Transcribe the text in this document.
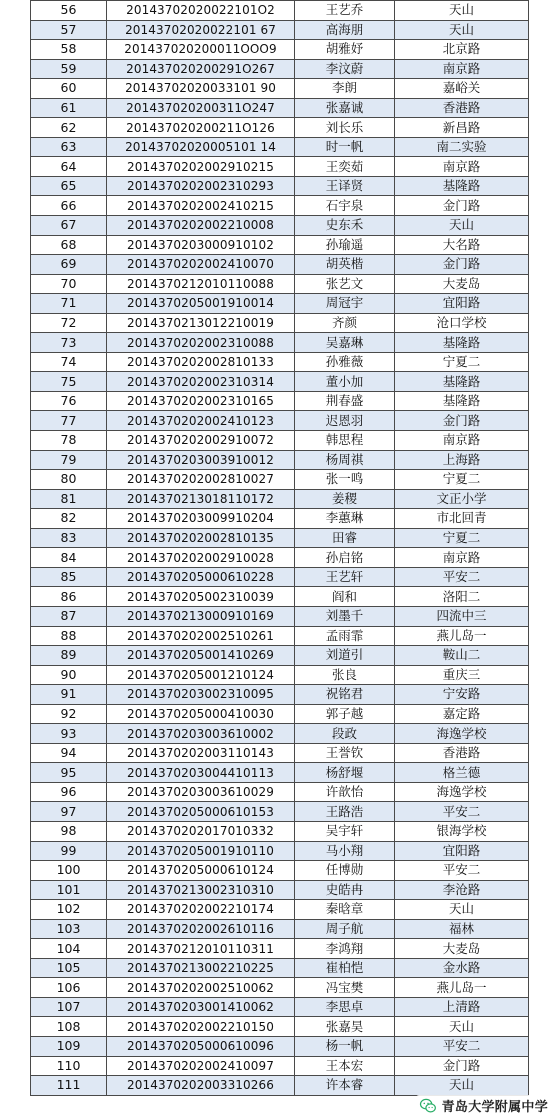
56	20143702020022101O2	王艺乔	天山
57	20143702020022101 67	高海朋	天山
58	201437020200011OOO9	胡雅妤	北京路
59	201437020200291O267	李汶蔚	南京路
60	20143702020033101 90	李朗	嘉峪关
61	201437020200311O247	张嘉诚	香港路
62	201437020200211O126	刘长乐	新昌路
63	20143702020005101 14	时一帆	南二实验
64	2014370202002910215	王奕茹	南京路
65	2014370202002310293	王译贤	基隆路
66	2014370202002410215	石宇泉	金门路
67	2014370202002210008	史东禾	天山
68	2014370203000910102	孙瑜遥	大名路
69	2014370202002410070	胡英楷	金门路
70	2014370212010110088	张艺文	大麦岛
71	2014370205001910014	周冠宇	宜阳路
72	2014370213012210019	齐颜	沧口学校
73	2014370202002310088	吴嘉琳	基隆路
74	2014370202002810133	孙雅薇	宁夏二
75	2014370202002310314	董小加	基隆路
76	2014370202002310165	荆春盛	基隆路
77	2014370202002410123	迟恩羽	金门路
78	2014370202002910072	韩思程	南京路
79	2014370203003910012	杨周祺	上海路
80	2014370202002810027	张一鸣	宁夏二
81	2014370213018110172	姜稷	文正小学
82	2014370203009910204	李蕙琳	市北回青
83	2014370202002810135	田睿	宁夏二
84	2014370202002910028	孙启铭	南京路
85	2014370205000610228	王艺轩	平安二
86	2014370205002310039	阎和	洛阳二
87	2014370213000910169	刘墨千	四流中三
88	2014370202002510261	孟雨霏	燕儿岛一
89	2014370205001410269	刘道引	鞍山二
90	2014370205001210124	张良	重庆三
91	2014370203002310095	祝铭君	宁安路
92	2014370205000410030	郭子越	嘉定路
93	2014370203003610002	段政	海逸学校
94	2014370202003110143	王誉钦	香港路
95	2014370203004410113	杨舒堰	格兰德
96	2014370203003610029	许歆怡	海逸学校
97	2014370205000610153	王路浩	平安二
98	2014370202017010332	吴宇轩	银海学校
99	2014370205001910110	马小翔	宜阳路
100	2014370205000610124	任博勋	平安二
101	2014370213002310310	史皓冉	李沧路
102	2014370202002210174	秦晗章	天山
103	2014370202002610116	周子航	福林
104	2014370212010110311	李鸿翔	大麦岛
105	2014370213002210225	崔柏恺	金水路
106	2014370202002510062	冯宝樊	燕儿岛一
107	2014370203001410062	李思卓	上清路
108	2014370202002210150	张嘉昊	天山
109	2014370205000610096	杨一帆	平安二
110	2014370202002410097	王本宏	金门路
111	2014370202003310266	许本睿	天山
青岛大学附属中学
